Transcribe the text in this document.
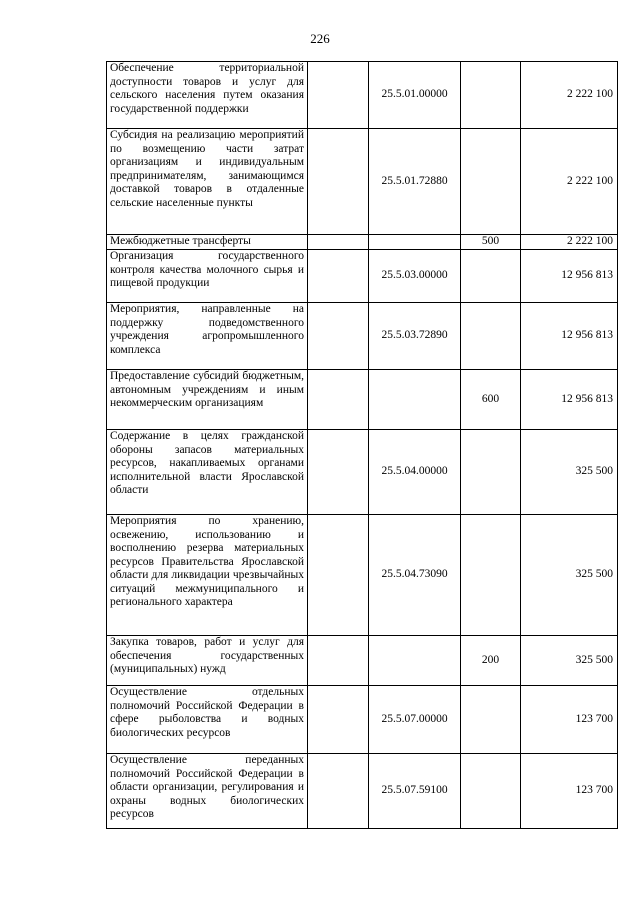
226
Обеспечение территориальной доступности товаров и услуг для сельского населения путем оказания государственной поддержки		25.5.01.00000		2 222 100
Субсидия на реализацию мероприятий по возмещению части затрат организациям и индивидуальным предпринимателям, занимающимся доставкой товаров в отдаленные сельские населенные пункты		25.5.01.72880		2 222 100
Межбюджетные трансферты			500	2 222 100
Организация государственного контроля качества молочного сырья и пищевой продукции		25.5.03.00000		12 956 813
Мероприятия, направленные на поддержку подведомственного учреждения агропромышленного комплекса		25.5.03.72890		12 956 813
Предоставление субсидий бюджетным, автономным учреждениям и иным некоммерческим организациям			600	12 956 813
Содержание в целях гражданской обороны запасов материальных ресурсов, накапливаемых органами исполнительной власти Ярославской области		25.5.04.00000		325 500
Мероприятия по хранению, освежению, использованию и восполнению резерва материальных ресурсов Правительства Ярославской области для ликвидации чрезвычайных ситуаций межмуниципального и регионального характера		25.5.04.73090		325 500
Закупка товаров, работ и услуг для обеспечения государственных (муниципальных) нужд			200	325 500
Осуществление отдельных полномочий Российской Федерации в сфере рыболовства и водных биологических ресурсов		25.5.07.00000		123 700
Осуществление переданных полномочий Российской Федерации в области организации, регулирования и охраны водных биологических ресурсов		25.5.07.59100		123 700
